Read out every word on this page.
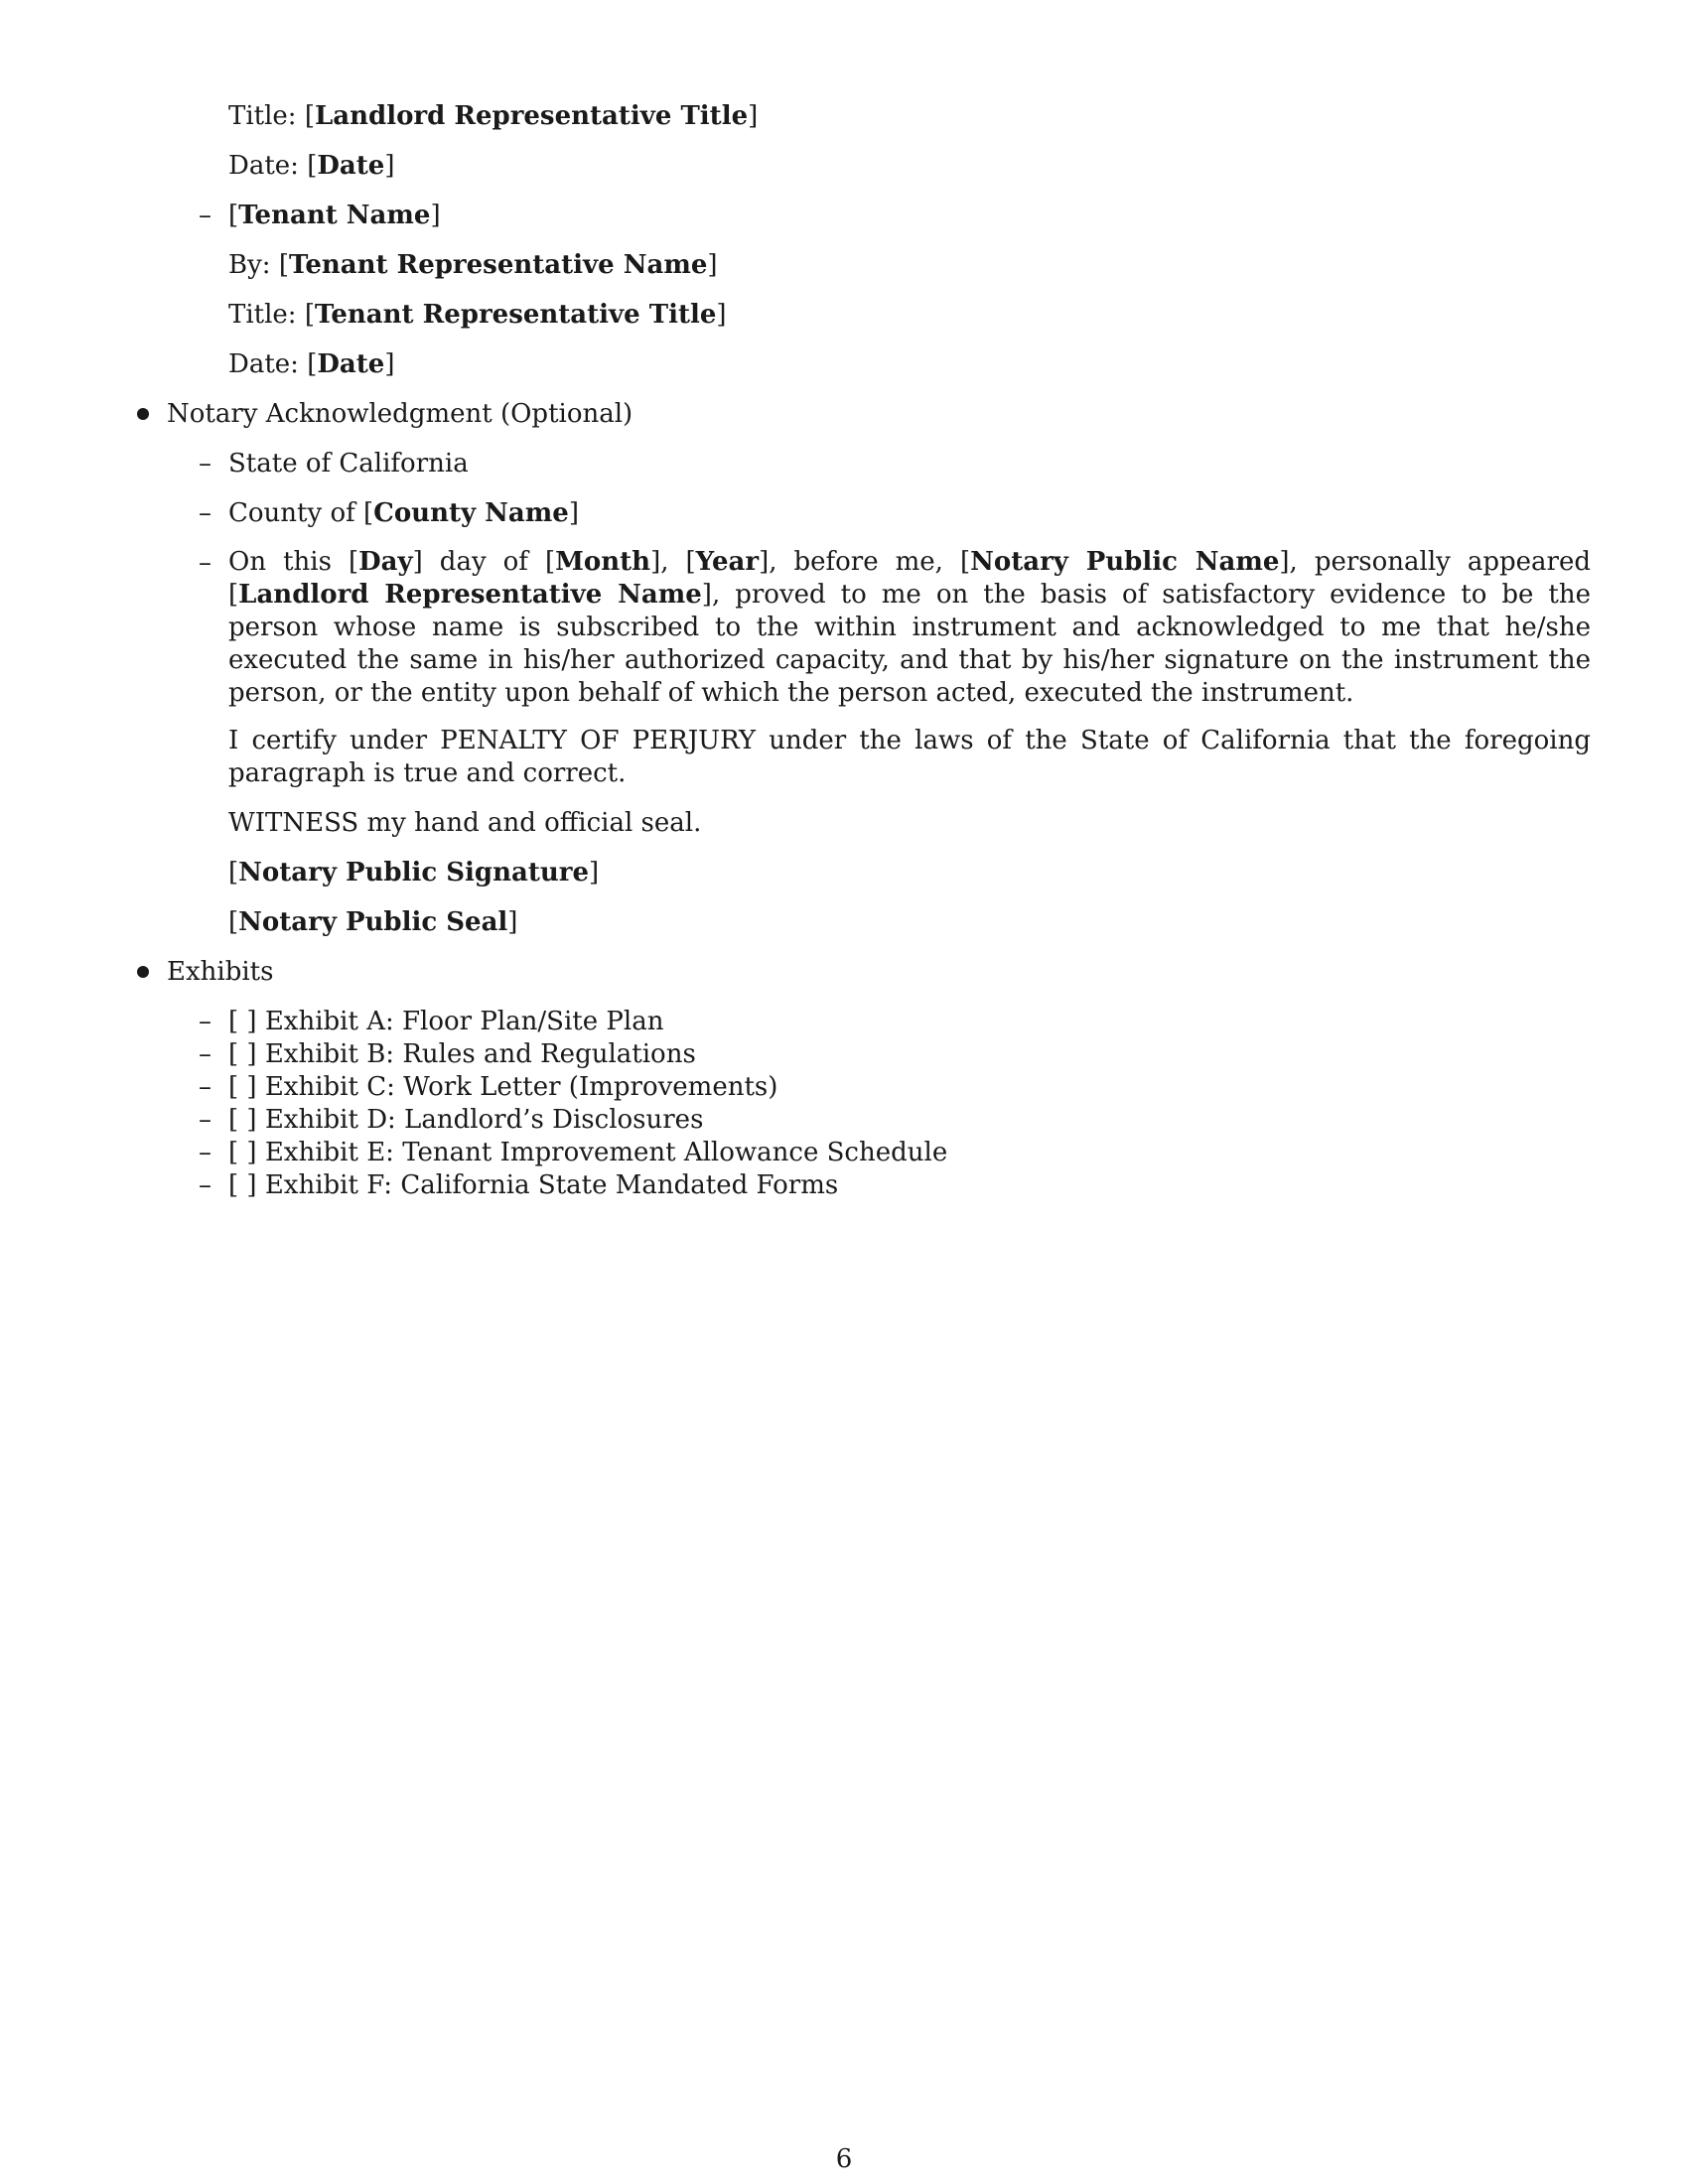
Title: [Landlord Representative Title]
Date: [Date]
– [Tenant Name]
By: [Tenant Representative Name]
Title: [Tenant Representative Title]
Date: [Date]
Notary Acknowledgment (Optional)
– State of California
– County of [County Name]
– On this [Day] day of [Month], [Year], before me, [Notary Public Name], personally appeared [Landlord Representative Name], proved to me on the basis of satisfactory evidence to be the person whose name is subscribed to the within instrument and acknowledged to me that he/she executed the same in his/her authorized capacity, and that by his/her signature on the instrument the person, or the entity upon behalf of which the person acted, executed the instrument.
I certify under PENALTY OF PERJURY under the laws of the State of California that the foregoing paragraph is true and correct.
WITNESS my hand and official seal.
[Notary Public Signature]
[Notary Public Seal]
Exhibits
– [ ] Exhibit A: Floor Plan/Site Plan
– [ ] Exhibit B: Rules and Regulations
– [ ] Exhibit C: Work Letter (Improvements)
– [ ] Exhibit D: Landlord’s Disclosures
– [ ] Exhibit E: Tenant Improvement Allowance Schedule
– [ ] Exhibit F: California State Mandated Forms
6
